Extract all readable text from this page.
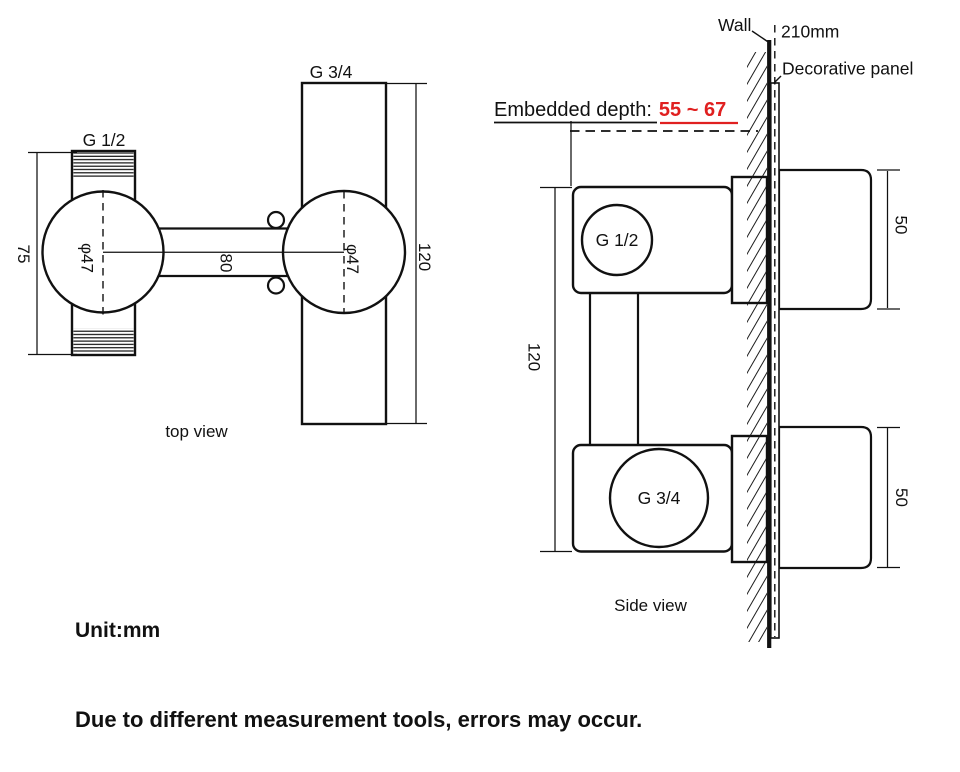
75	120
φ47	φ47
80
G 1/2
G 3/4
top view
G 1/2
G 3/4
120
50
50
Embedded depth: 55 ~ 67
Wall 210mm
Decorative panel
Side view
Unit:mm
Due to different measurement tools, errors may occur.
